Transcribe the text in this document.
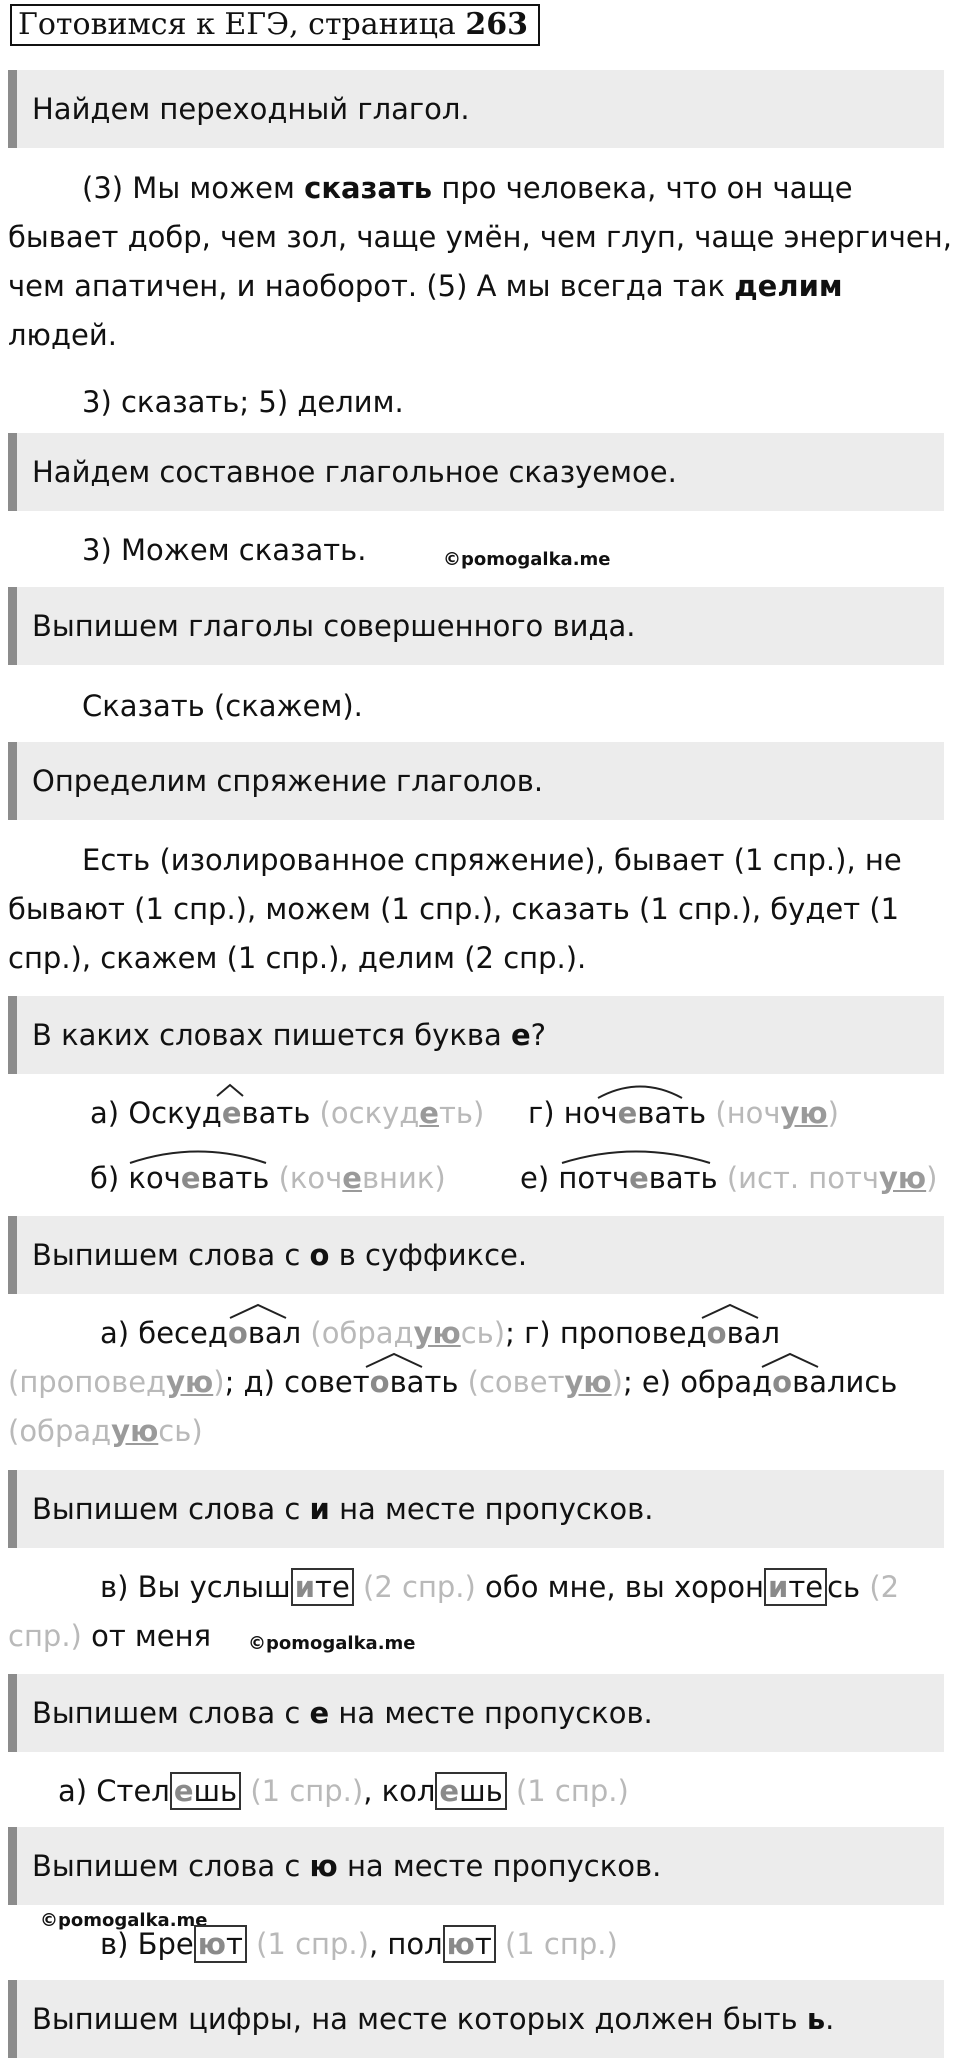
Готовимся к ЕГЭ, страница 263
Найдем переходный глагол.
(3) Мы можем сказать про человека, что он чаще
бывает добр, чем зол, чаще умён, чем глуп, чаще энергичен,
чем апатичен, и наоборот. (5) А мы всегда так делим
людей.
3) сказать; 5) делим.
Найдем составное глагольное сказуемое.
3) Можем сказать.	©pomogalka.me
Выпишем глаголы совершенного вида.
Сказать (скажем).
Определим спряжение глаголов.
Есть (изолированное спряжение), бывает (1 спр.), не
бывают (1 спр.), можем (1 спр.), сказать (1 спр.), будет (1
спр.), скажем (1 спр.), делим (2 спр.).
В каких словах пишется буква е?
а) Оскудевать (оскудеть) г) ночевать (ночую)
б) кочевать (кочевник)	е) потчевать (ист. потчую)
Выпишем слова с о в суффиксе.
а) беседовал (обрадуюсь); г) проповедовал
(проповедую); д) советовать (советую); е) обрадовались
(обрадуюсь)
Выпишем слова с и на месте пропусков.
в) Вы услыш ите (2 спр.) обо мне, вы хорон ите сь (2
спр.) от меня ©pomogalka.me
Выпишем слова с е на месте пропусков.
а) Стел ешь (1 спр.), кол ешь (1 спр.)
Выпишем слова с ю на месте пропусков.
©pomogalka.me
в) Бре ют (1 спр.), пол ют (1 спр.)
Выпишем цифры, на месте которых должен быть ь.
